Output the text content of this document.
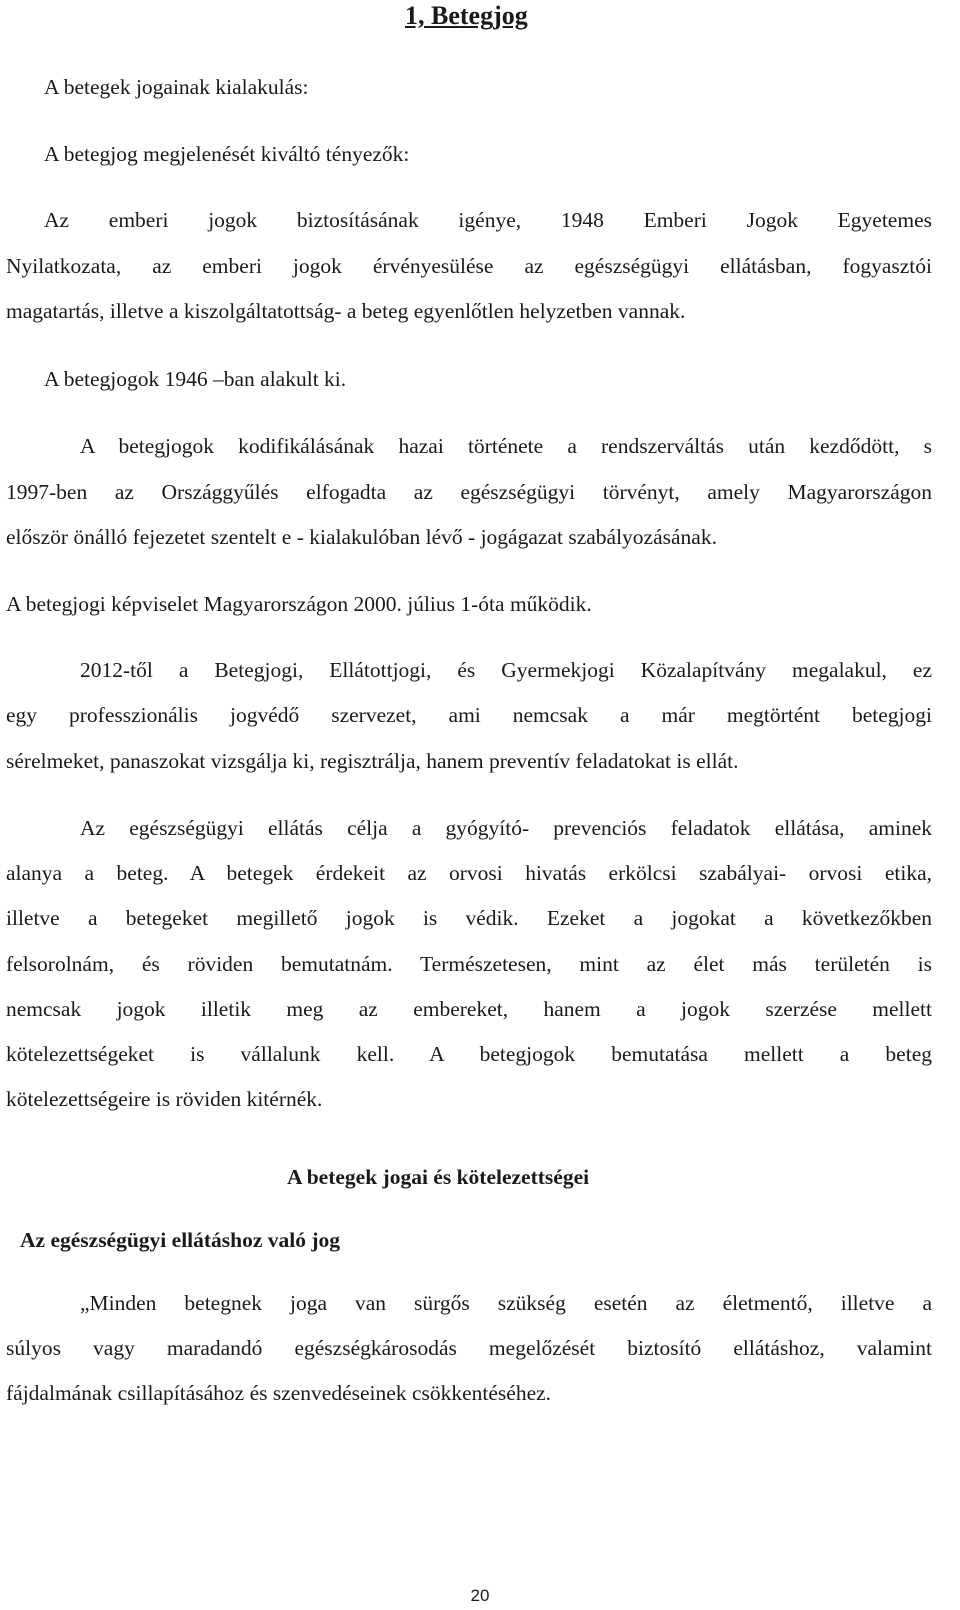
1, Betegjog
A betegek jogainak kialakulás:
A betegjog megjelenését kiváltó tényezők:
Az emberi jogok biztosításának igénye, 1948 Emberi Jogok Egyetemes
Nyilatkozata, az emberi jogok érvényesülése az egészségügyi ellátásban, fogyasztói
magatartás, illetve a kiszolgáltatottság- a beteg egyenlőtlen helyzetben vannak.
A betegjogok 1946 –ban alakult ki.
A betegjogok kodifikálásának hazai története a rendszerváltás után kezdődött, s
1997-ben az Országgyűlés elfogadta az egészségügyi törvényt, amely Magyarországon
először önálló fejezetet szentelt e - kialakulóban lévő - jogágazat szabályozásának.
A betegjogi képviselet Magyarországon 2000. július 1-óta működik.
2012-től a Betegjogi, Ellátottjogi, és Gyermekjogi Közalapítvány megalakul, ez
egy professzionális jogvédő szervezet, ami nemcsak a már megtörtént betegjogi
sérelmeket, panaszokat vizsgálja ki, regisztrálja, hanem preventív feladatokat is ellát.
Az egészségügyi ellátás célja a gyógyító- prevenciós feladatok ellátása, aminek
alanya a beteg. A betegek érdekeit az orvosi hivatás erkölcsi szabályai- orvosi etika,
illetve a betegeket megillető jogok is védik. Ezeket a jogokat a következőkben
felsorolnám, és röviden bemutatnám. Természetesen, mint az élet más területén is
nemcsak jogok illetik meg az embereket, hanem a jogok szerzése mellett
kötelezettségeket is vállalunk kell. A betegjogok bemutatása mellett a beteg
kötelezettségeire is röviden kitérnék.
A betegek jogai és kötelezettségei
Az egészségügyi ellátáshoz való jog
„Minden betegnek joga van sürgős szükség esetén az életmentő, illetve a
súlyos vagy maradandó egészségkárosodás megelőzését biztosító ellátáshoz, valamint
fájdalmának csillapításához és szenvedéseinek csökkentéséhez.
20
